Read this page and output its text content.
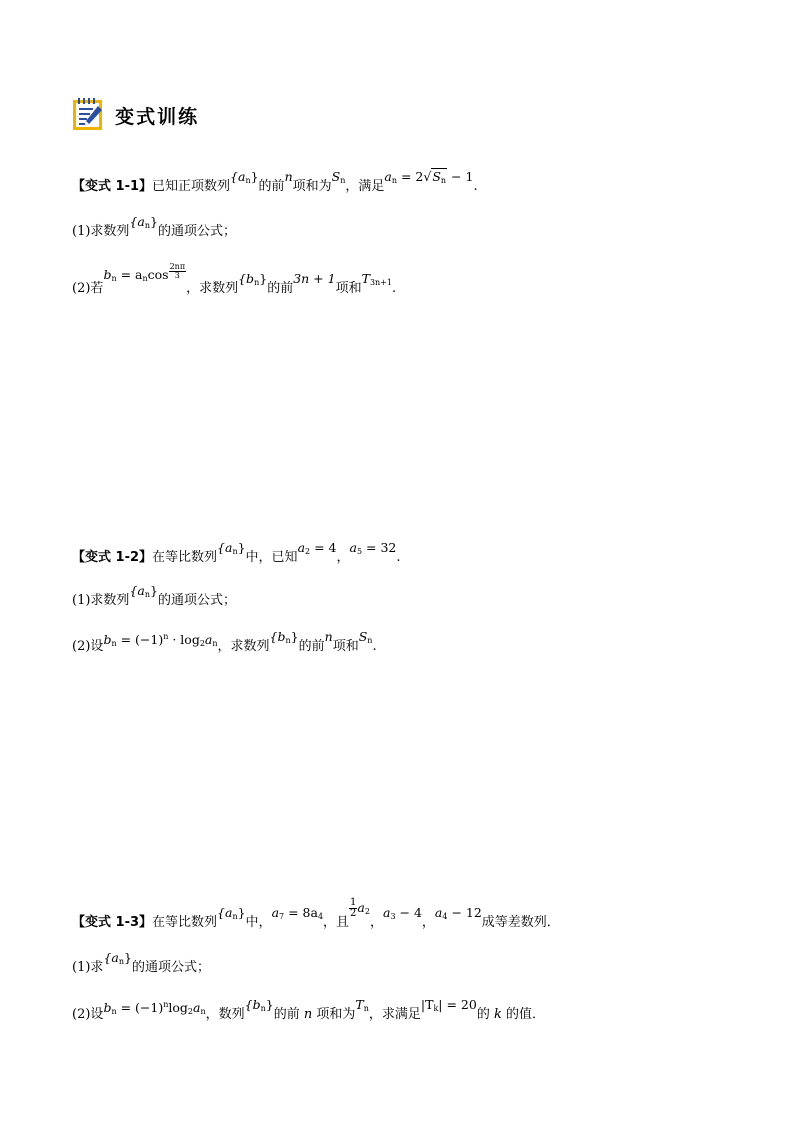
变式训练
【变式 1-1】已知正项数列$\{a_n\}$的前n项和为$S_n$，满足$a_n = 2√S_n - 1$.
(1)求数列$\{a_n\}$的通项公式；
(2)若$b_n = a_n\cos \frac{2n\pi}{3}$
，求数列$\{b_n\}$的前3n + 1项和$T_{3n+1}$.
【变式 1-2】在等比数列$\{a_n\}$中，已知$a_2 = 4$，$a_5 = 32$.
(1)求数列$\{a_n\}$的通项公式；
(2)设$b_n = (-1)^n \cdot \log_2a_n$，求数列$\{b_n\}$的前n项和$S_n$.
【变式 1-3】在等比数列$\{a_n\}$中，$a_7 = 8a_4$，且
$\frac{1}{2} a_2$，$a_3 - 4$，$a_4 - 12$成等差数列．
(1)求$\{a_n\}$的通项公式；
(2)设$b_n = (-1)^n\log_2a_n$，数列$\{b_n\}$的前 n 项和为$T_n$，求满足$|T_k| = 20$的 k 的值．
